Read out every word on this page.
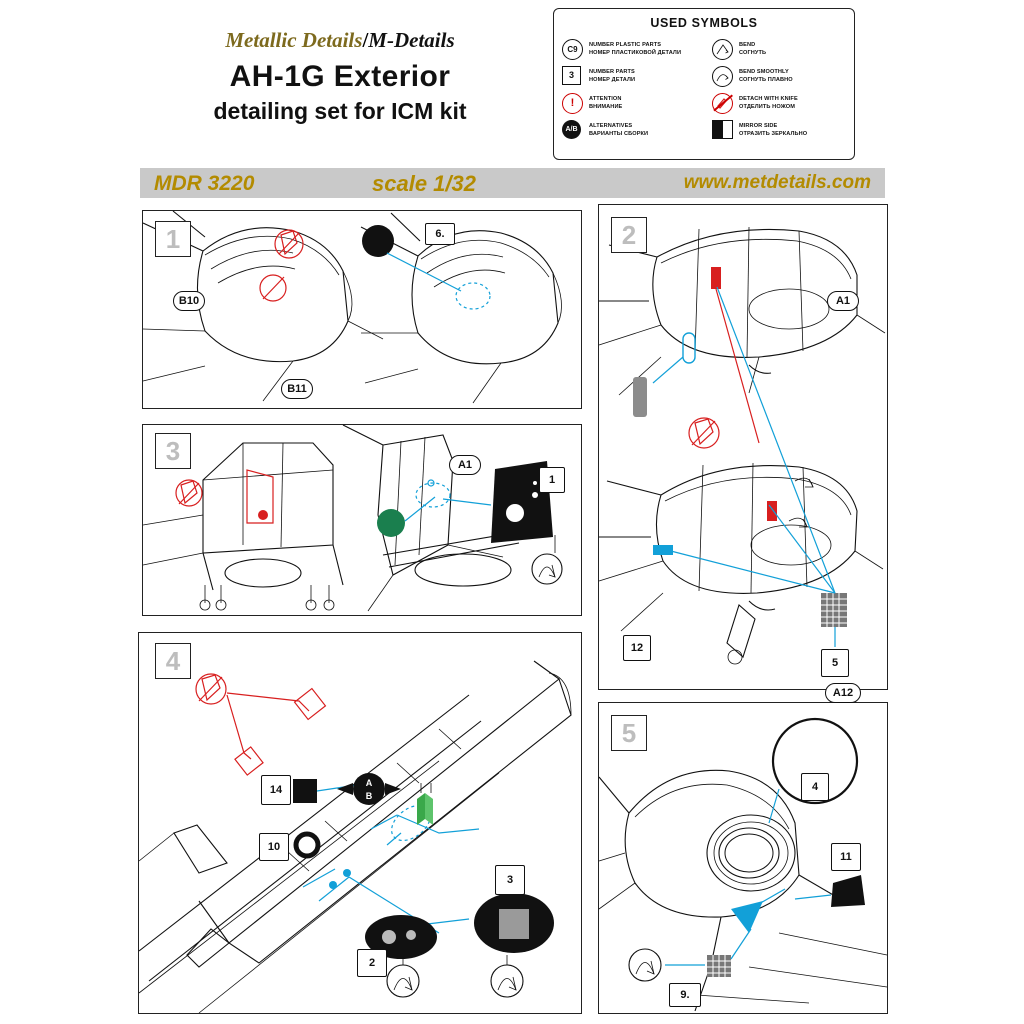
Metallic Details/M-Details
AH-1G Exterior
detailing set for ICM kit
USED SYMBOLS
C9 NUMBER PLASTIC PARTS
НОМЕР ПЛАСТИКОВОЙ ДЕТАЛИ
3	NUMBER PARTS
НОМЕР ДЕТАЛИ
!	ATTENTION
ВНИМАНИЕ
A/B ALTERNATIVES
ВАРИАНТЫ СБОРКИ
BEND
СОГНУТЬ
BEND SMOOTHLY
СОГНУТЬ ПЛАВНО
DETACH WITH KNIFE
ОТДЕЛИТЬ НОЖОМ
MIRROR SIDE
ОТРАЗИТЬ ЗЕРКАЛЬНО
MDR 3220	scale 1/32	www.metdetails.com
1
B10
B11
6.
3	A1
1
4
A
B
14
10
3
2
2
A1
A12
12
5
5
4
11
9.
